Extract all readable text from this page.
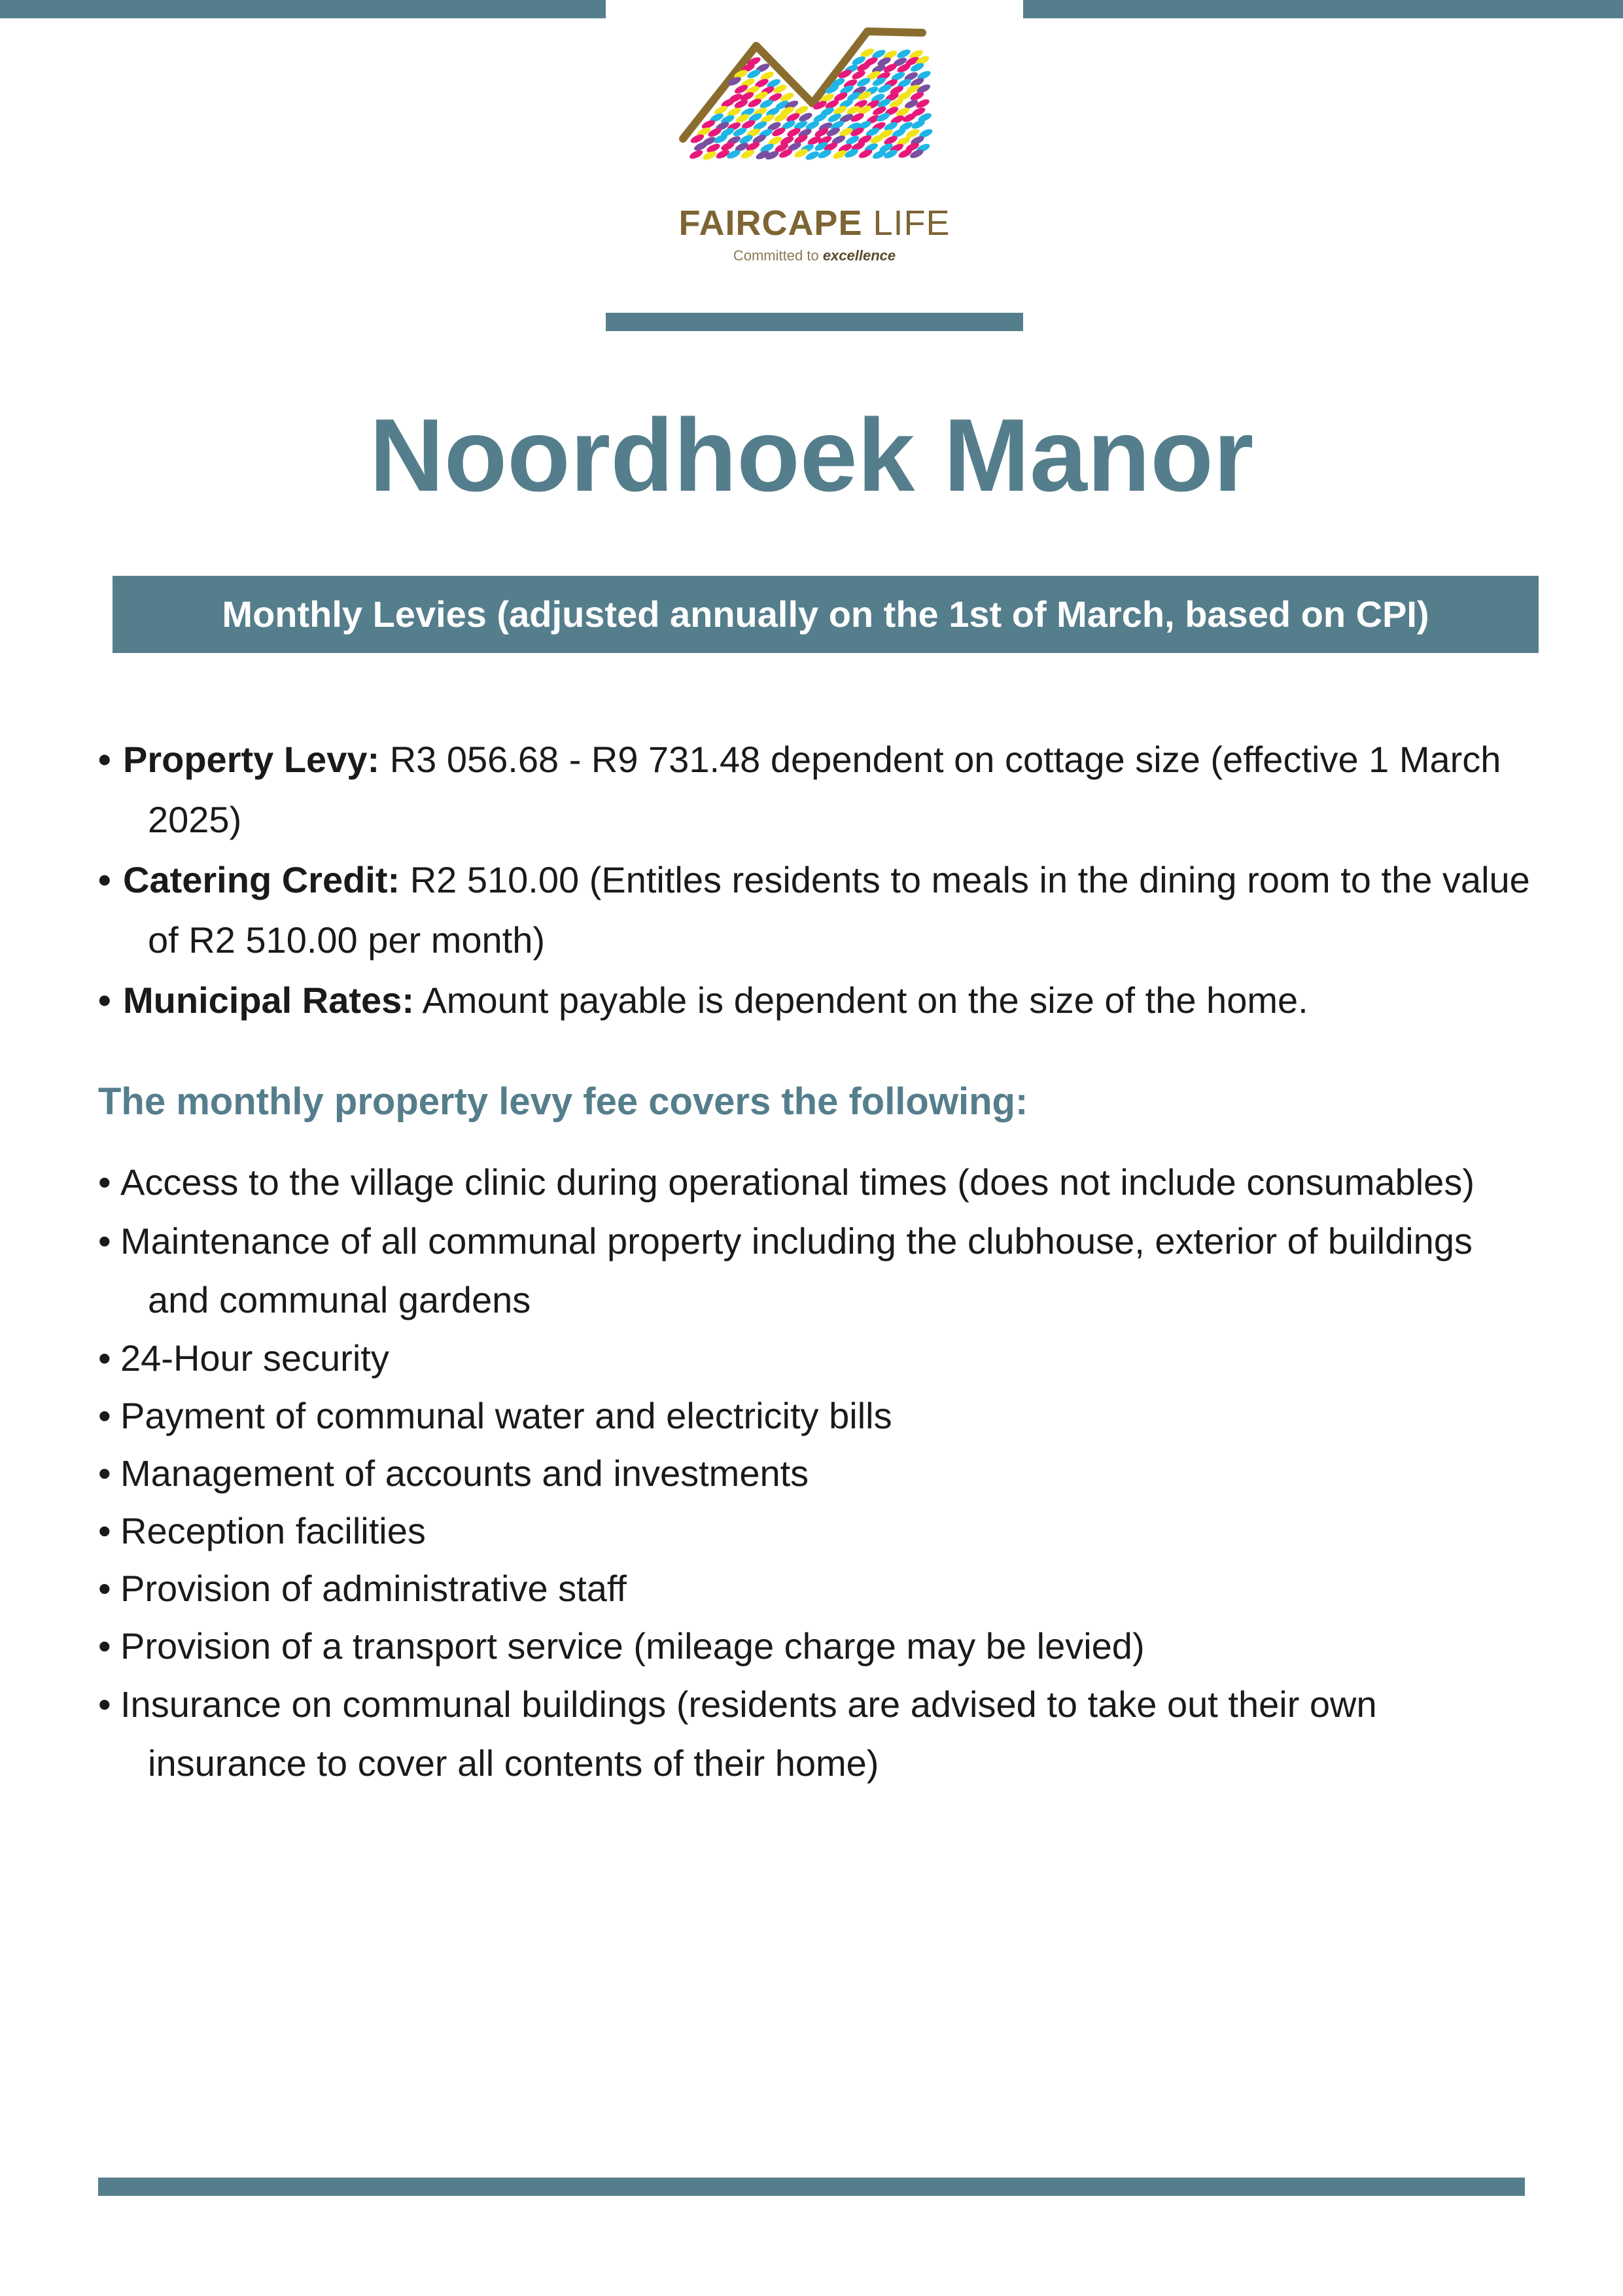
FAIRCAPE LIFE
Committed to excellence
Noordhoek Manor
Monthly Levies (adjusted annually on the 1st of March, based on CPI)
• Property Levy: R3 056.68 - R9 731.48 dependent on cottage size (effective 1 March 2025)
• Catering Credit: R2 510.00 (Entitles residents to meals in the dining room to the value of R2 510.00 per month)
• Municipal Rates: Amount payable is dependent on the size of the home.
The monthly property levy fee covers the following:
• Access to the village clinic during operational times (does not include consumables)
• Maintenance of all communal property including the clubhouse, exterior of buildings and communal gardens
• 24-Hour security
• Payment of communal water and electricity bills
• Management of accounts and investments
• Reception facilities
• Provision of administrative staff
• Provision of a transport service (mileage charge may be levied)
• Insurance on communal buildings (residents are advised to take out their own insurance to cover all contents of their home)
